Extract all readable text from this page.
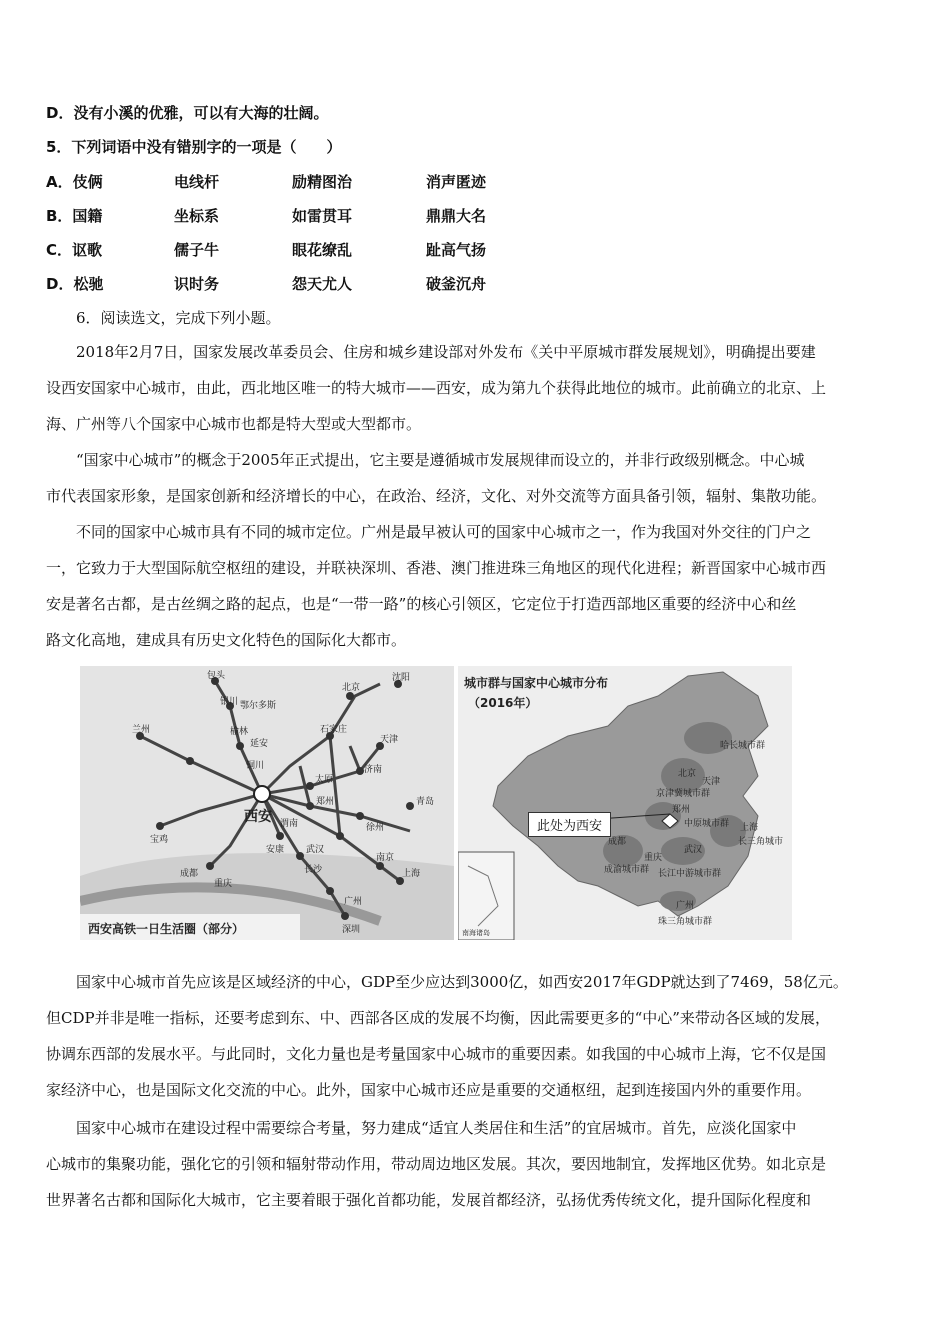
D．没有小溪的优雅，可以有大海的壮阔。
5．下列词语中没有错别字的一项是（　　）
A．伎俩	电线杆	励精图治	消声匿迹
B．国籍	坐标系	如雷贯耳	鼎鼎大名
C．讴歌	儒子牛	眼花缭乱	趾高气扬
D．松驰	识时务	怨天尤人	破釜沉舟
6．阅读选文，完成下列小题。
2018年2月7日，国家发展改革委员会、住房和城乡建设部对外发布《关中平原城市群发展规划》，明确提出要建
设西安国家中心城市，由此，西北地区唯一的特大城市——西安，成为第九个获得此地位的城市。此前确立的北京、上
海、广州等八个国家中心城市也都是特大型或大型都市。
“国家中心城市”的概念于2005年正式提出，它主要是遵循城市发展规律而设立的，并非行政级别概念。中心城
市代表国家形象，是国家创新和经济增长的中心，在政治、经济，文化、对外交流等方面具备引领，辐射、集散功能。
不同的国家中心城市具有不同的城市定位。广州是最早被认可的国家中心城市之一，作为我国对外交往的门户之
一，它致力于大型国际航空枢纽的建设，并联袂深圳、香港、澳门推进珠三角地区的现代化进程；新晋国家中心城市西
安是著名古都，是古丝绸之路的起点，也是“一带一路”的核心引领区，它定位于打造西部地区重要的经济中心和丝
路文化高地，建成具有历史文化特色的国际化大都市。
包头
北京
沈阳
银川 鄂尔多斯
榆林	石家庄
天津
兰州
延安
太原
铜川
郑州
济南
青岛
宝鸡
渭南	徐州
成都
武汉
南京
重庆
长沙	上海
广州
深圳
安康
西安
西安高铁一日生活圈（部分）
城市群与国家中心城市分布
（2016年）
此处为西安
哈长城市群
北京
天津
京津冀城市群
郑州
中原城市群
成都
重庆
成渝城市群
武汉
长江中游城市群
上海
长三角城市
广州
珠三角城市群
南海诸岛
国家中心城市首先应该是区域经济的中心，GDP至少应达到3000亿，如西安2017年GDP就达到了7469，58亿元。
但CDP并非是唯一指标，还要考虑到东、中、西部各区成的发展不均衡，因此需要更多的“中心”来带动各区域的发展，
协调东西部的发展水平。与此同时，文化力量也是考量国家中心城市的重要因素。如我国的中心城市上海，它不仅是国
家经济中心，也是国际文化交流的中心。此外，国家中心城市还应是重要的交通枢纽，起到连接国内外的重要作用。
国家中心城市在建设过程中需要综合考量，努力建成“适宜人类居住和生活”的宜居城市。首先，应淡化国家中
心城市的集聚功能，强化它的引领和辐射带动作用，带动周边地区发展。其次，要因地制宜，发挥地区优势。如北京是
世界著名古都和国际化大城市，它主要着眼于强化首都功能，发展首都经济，弘扬优秀传统文化，提升国际化程度和
